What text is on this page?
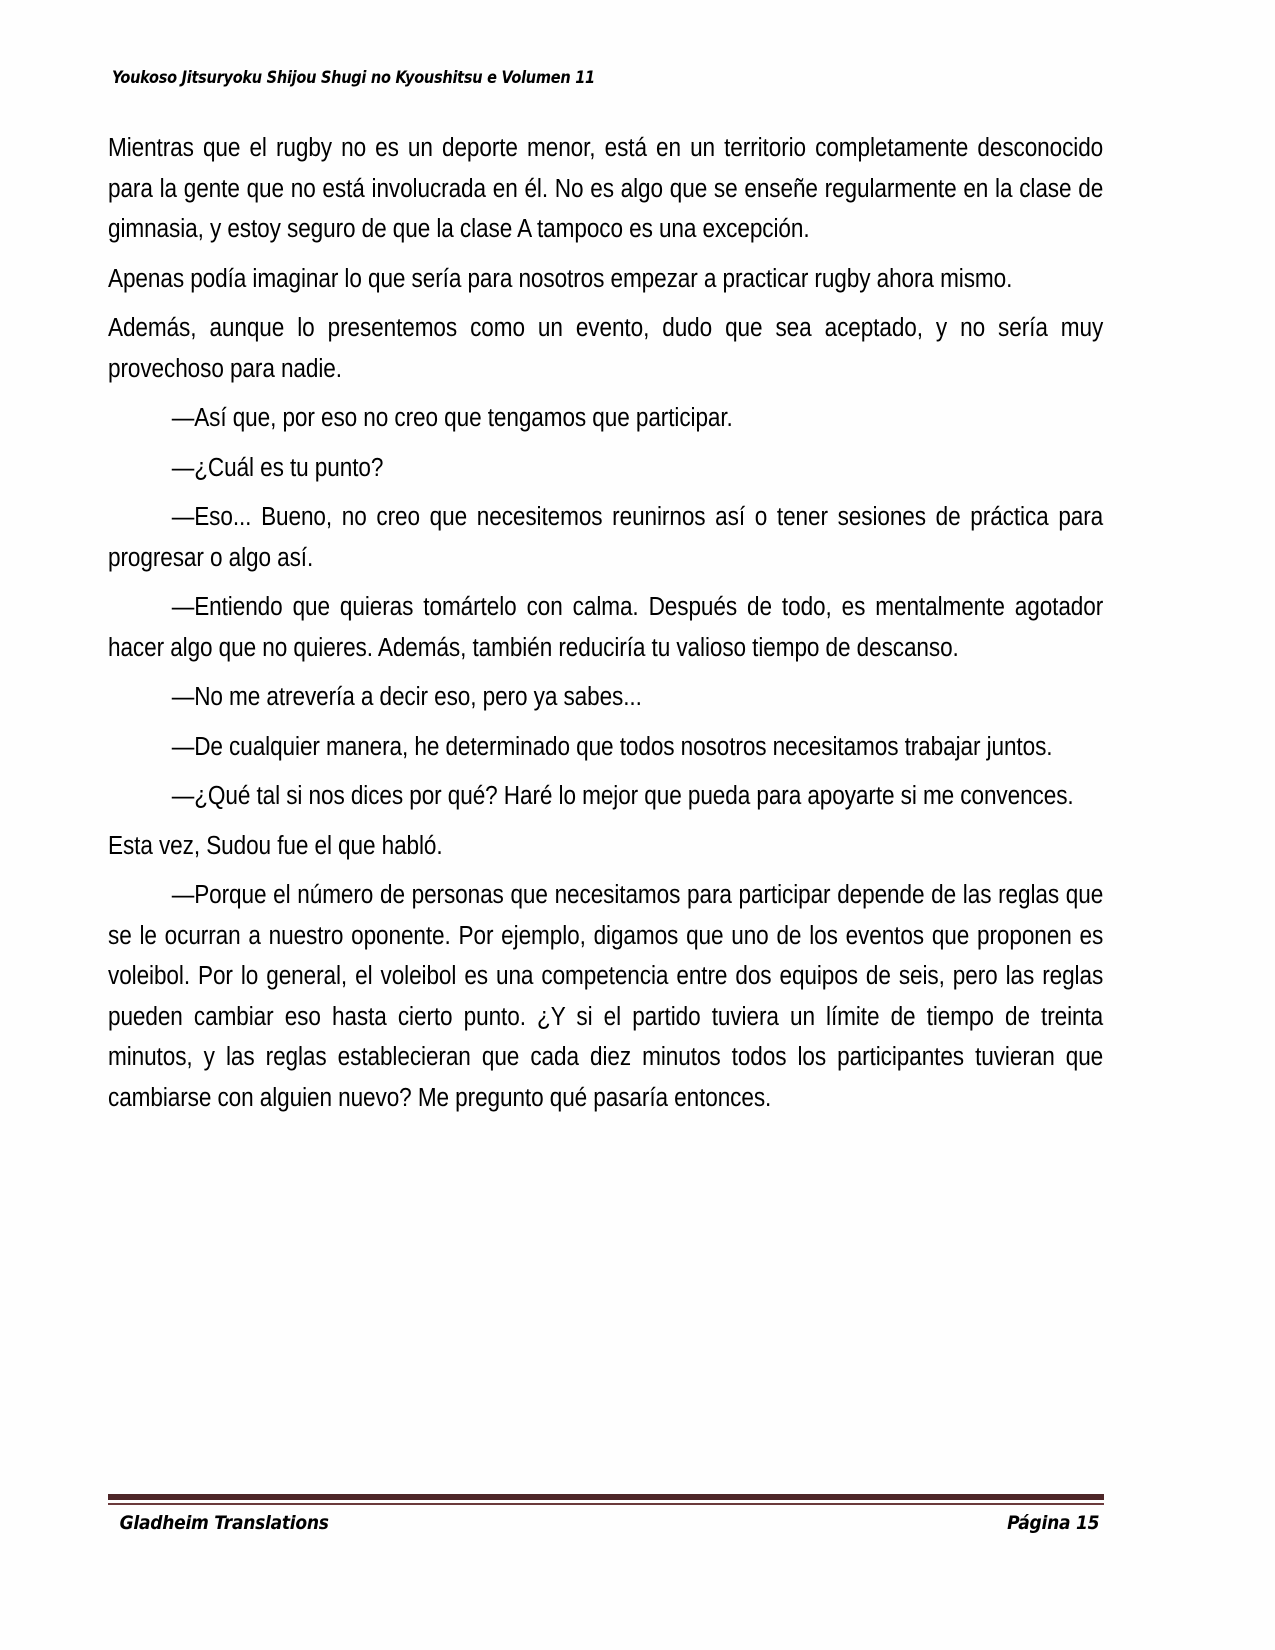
Youkoso Jitsuryoku Shijou Shugi no Kyoushitsu e Volumen 11

Mientras que el rugby no es un deporte menor, está en un territorio completamente desconocido para la gente que no está involucrada en él. No es algo que se enseñe regularmente en la clase de gimnasia, y estoy seguro de que la clase A tampoco es una excepción.

Apenas podía imaginar lo que sería para nosotros empezar a practicar rugby ahora mismo.

Además, aunque lo presentemos como un evento, dudo que sea aceptado, y no sería muy provechoso para nadie.

—Así que, por eso no creo que tengamos que participar.

—¿Cuál es tu punto?

—Eso... Bueno, no creo que necesitemos reunirnos así o tener sesiones de práctica para progresar o algo así.

—Entiendo que quieras tomártelo con calma. Después de todo, es mentalmente agotador hacer algo que no quieres. Además, también reduciría tu valioso tiempo de descanso.

—No me atrevería a decir eso, pero ya sabes...

—De cualquier manera, he determinado que todos nosotros necesitamos trabajar juntos.

—¿Qué tal si nos dices por qué? Haré lo mejor que pueda para apoyarte si me convences.

Esta vez, Sudou fue el que habló.

—Porque el número de personas que necesitamos para participar depende de las reglas que se le ocurran a nuestro oponente. Por ejemplo, digamos que uno de los eventos que proponen es voleibol. Por lo general, el voleibol es una competencia entre dos equipos de seis, pero las reglas pueden cambiar eso hasta cierto punto. ¿Y si el partido tuviera un límite de tiempo de treinta minutos, y las reglas establecieran que cada diez minutos todos los participantes tuvieran que cambiarse con alguien nuevo? Me pregunto qué pasaría entonces.

Gladheim Translations	Página 15
